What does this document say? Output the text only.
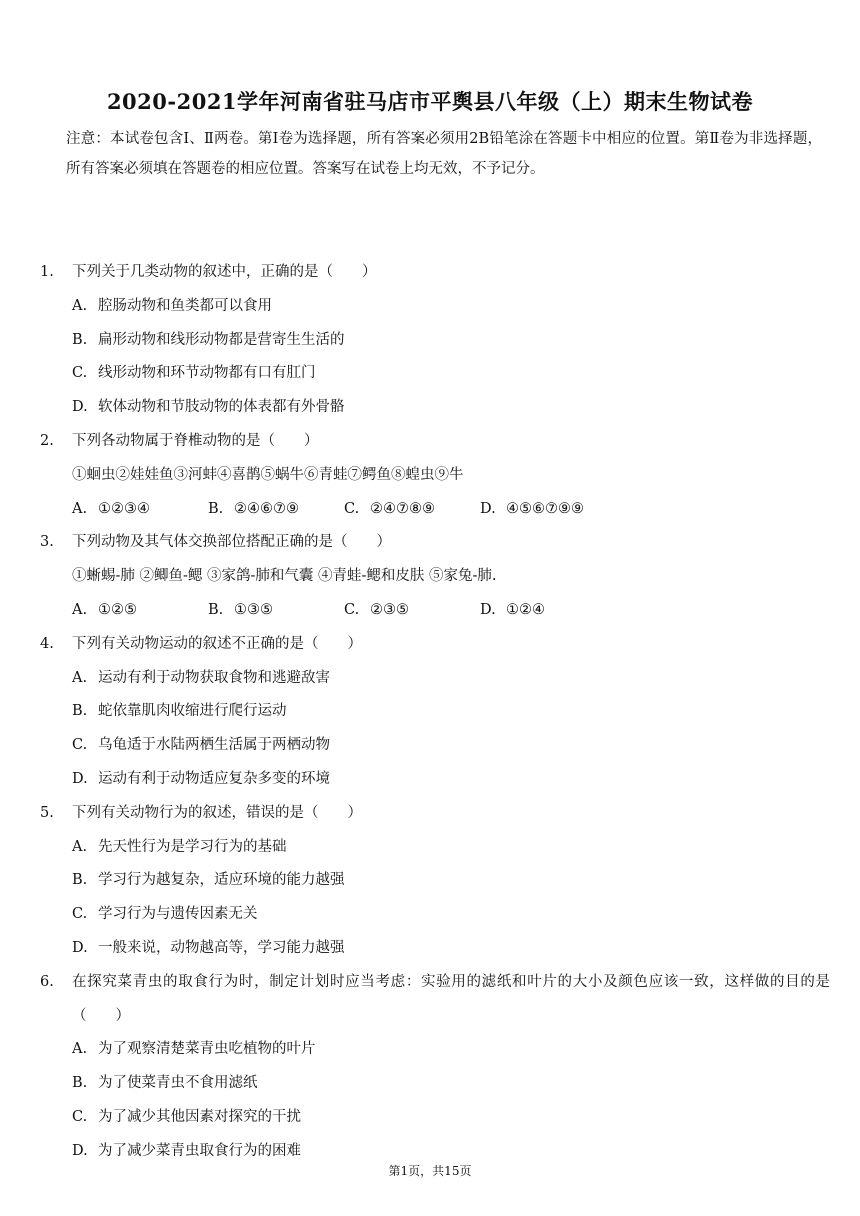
2020-2021学年河南省驻马店市平舆县八年级（上）期末生物试卷
注意：本试卷包含Ⅰ、Ⅱ两卷。第Ⅰ卷为选择题，所有答案必须用2B铅笔涂在答题卡中相应的位置。第Ⅱ卷为非选择题，所有答案必须填在答题卷的相应位置。答案写在试卷上均无效，不予记分。
1.	下列关于几类动物的叙述中，正确的是（　　）
A. 腔肠动物和鱼类都可以食用
B. 扁形动物和线形动物都是营寄生生活的
C. 线形动物和环节动物都有口有肛门
D. 软体动物和节肢动物的体表都有外骨骼
2.	下列各动物属于脊椎动物的是（　　）
①蛔虫②娃娃鱼③河蚌④喜鹊⑤蜗牛⑥青蛙⑦鳄鱼⑧蝗虫⑨牛
A. ①②③④	B. ②④⑥⑦⑨	C. ②④⑦⑧⑨	D. ④⑤⑥⑦⑨⑨
3.	下列动物及其气体交换部位搭配正确的是（　　）
①蜥蜴-肺 ②鲫鱼-鳃 ③家鸽-肺和气囊 ④青蛙-鳃和皮肤 ⑤家兔-肺.
A. ①②⑤	B. ①③⑤	C. ②③⑤	D. ①②④
4.	下列有关动物运动的叙述不正确的是（　　）
A. 运动有利于动物获取食物和逃避敌害
B. 蛇依靠肌肉收缩进行爬行运动
C. 乌龟适于水陆两栖生活属于两栖动物
D. 运动有利于动物适应复杂多变的环境
5.	下列有关动物行为的叙述，错误的是（　　）
A. 先天性行为是学习行为的基础
B. 学习行为越复杂，适应环境的能力越强
C. 学习行为与遗传因素无关
D. 一般来说，动物越高等，学习能力越强
6.	在探究菜青虫的取食行为时，制定计划时应当考虑：实验用的滤纸和叶片的大小及颜色应该一致，这样做的目的是（　　）
A. 为了观察清楚菜青虫吃植物的叶片
B. 为了使菜青虫不食用滤纸
C. 为了减少其他因素对探究的干扰
D. 为了减少菜青虫取食行为的困难
第1页，共15页
